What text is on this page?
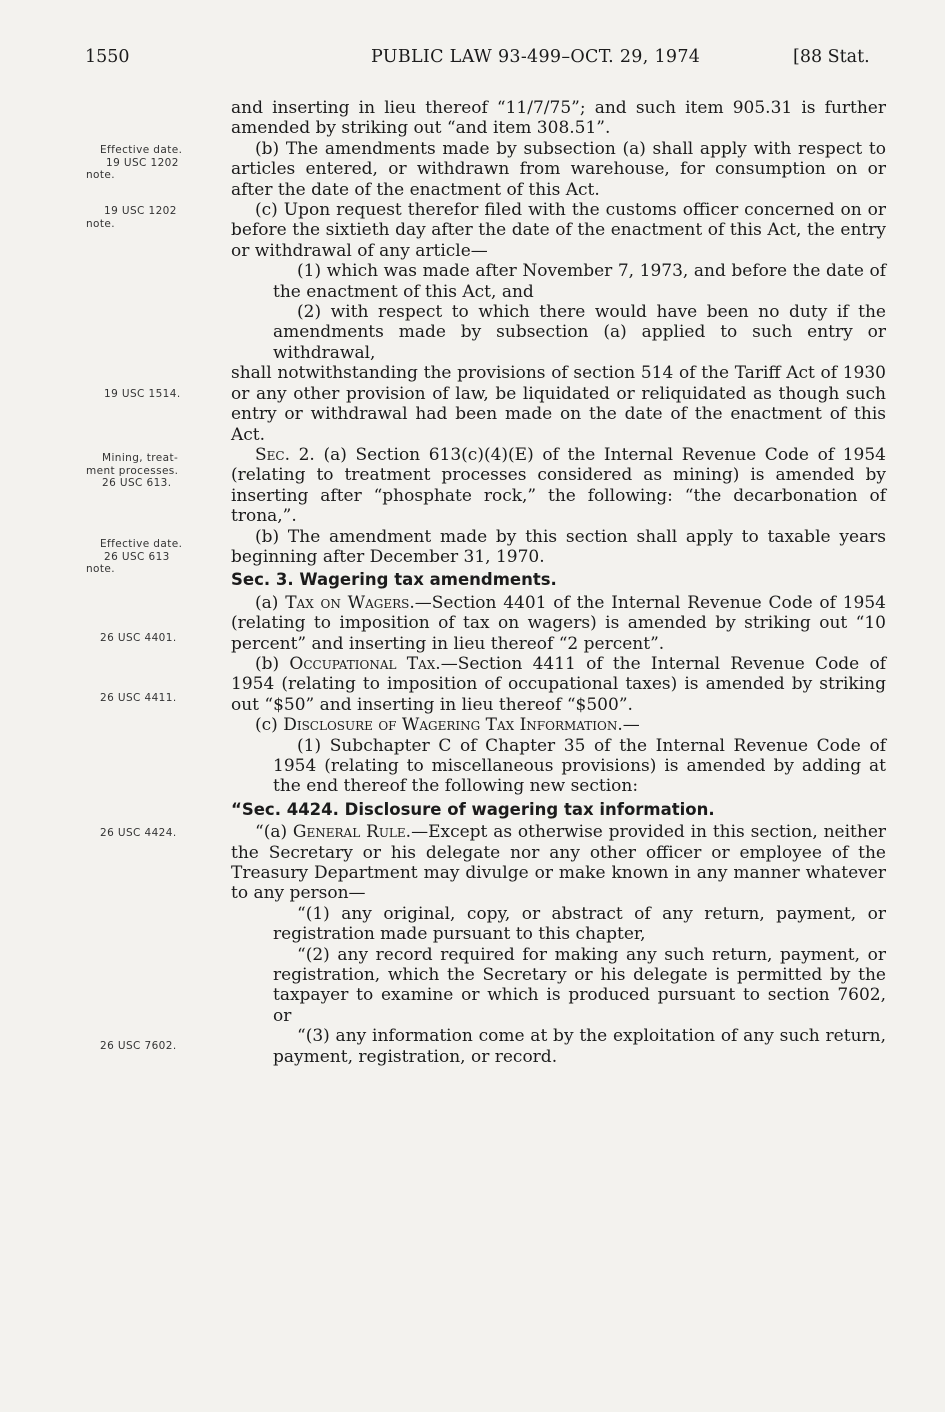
1550	PUBLIC LAW 93-499–OCT. 29, 1974	[88 Stat.
Effective date.
19 USC 1202
note.
19 USC 1202
note.
19 USC 1514.
Mining, treat-
ment processes.
26 USC 613.
Effective date.
26 USC 613
note.
26 USC 4401.
26 USC 4411.
26 USC 4424.
26 USC 7602.

and inserting in lieu thereof “11/7/75”; and such item 905.31 is further amended by striking out “and item 308.51”.

(b) The amendments made by subsection (a) shall apply with respect to articles entered, or withdrawn from warehouse, for consumption on or after the date of the enactment of this Act.

(c) Upon request therefor filed with the customs officer concerned on or before the sixtieth day after the date of the enactment of this Act, the entry or withdrawal of any article—

(1) which was made after November 7, 1973, and before the date of the enactment of this Act, and

(2) with respect to which there would have been no duty if the amendments made by subsection (a) applied to such entry or withdrawal,

shall notwithstanding the provisions of section 514 of the Tariff Act of 1930 or any other provision of law, be liquidated or reliquidated as though such entry or withdrawal had been made on the date of the enactment of this Act.

Sec. 2. (a) Section 613(c)(4)(E) of the Internal Revenue Code of 1954 (relating to treatment processes considered as mining) is amended by inserting after “phosphate rock,” the following: “the decarbonation of trona,”.

(b) The amendment made by this section shall apply to taxable years beginning after December 31, 1970.

Sec. 3. Wagering tax amendments.

(a) Tax on Wagers.—Section 4401 of the Internal Revenue Code of 1954 (relating to imposition of tax on wagers) is amended by striking out “10 percent” and inserting in lieu thereof “2 percent”.

(b) Occupational Tax.—Section 4411 of the Internal Revenue Code of 1954 (relating to imposition of occupational taxes) is amended by striking out “$50” and inserting in lieu thereof “$500”.

(c) Disclosure of Wagering Tax Information.—

(1) Subchapter C of Chapter 35 of the Internal Revenue Code of 1954 (relating to miscellaneous provisions) is amended by adding at the end thereof the following new section:

“Sec. 4424. Disclosure of wagering tax information.

“(a) General Rule.—Except as otherwise provided in this section, neither the Secretary or his delegate nor any other officer or employee of the Treasury Department may divulge or make known in any manner whatever to any person—

“(1) any original, copy, or abstract of any return, payment, or registration made pursuant to this chapter,

“(2) any record required for making any such return, payment, or registration, which the Secretary or his delegate is permitted by the taxpayer to examine or which is produced pursuant to section 7602, or

“(3) any information come at by the exploitation of any such return, payment, registration, or record.
